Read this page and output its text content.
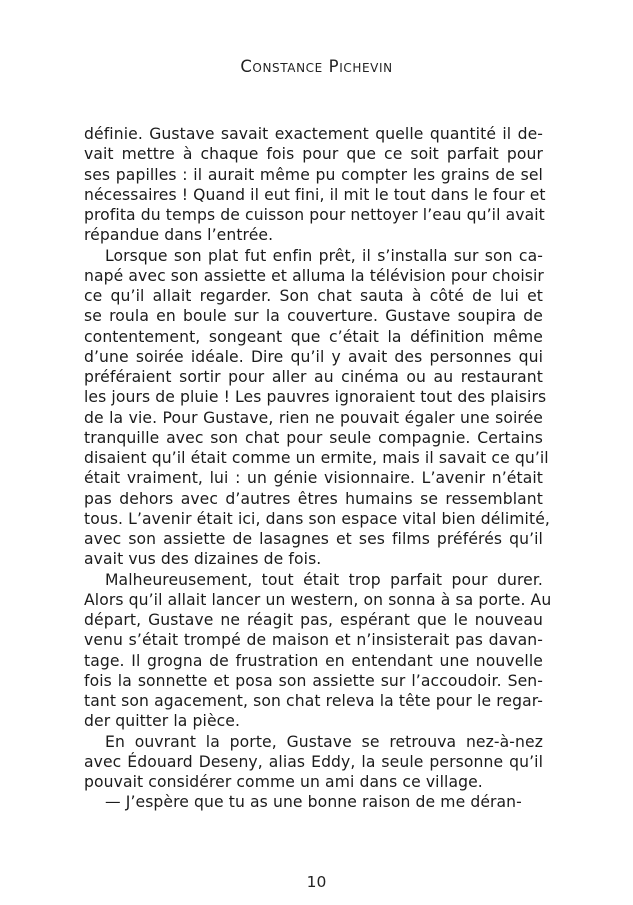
Constance Pichevin

définie. Gustave savait exactement quelle quantité il de-
vait mettre à chaque fois pour que ce soit parfait pour
ses papilles : il aurait même pu compter les grains de sel
nécessaires ! Quand il eut fini, il mit le tout dans le four et
profita du temps de cuisson pour nettoyer l’eau qu’il avait
répandue dans l’entrée.

Lorsque son plat fut enfin prêt, il s’installa sur son ca-
napé avec son assiette et alluma la télévision pour choisir
ce qu’il allait regarder. Son chat sauta à côté de lui et
se roula en boule sur la couverture. Gustave soupira de
contentement, songeant que c’était la définition même
d’une soirée idéale. Dire qu’il y avait des personnes qui
préféraient sortir pour aller au cinéma ou au restaurant
les jours de pluie ! Les pauvres ignoraient tout des plaisirs
de la vie. Pour Gustave, rien ne pouvait égaler une soirée
tranquille avec son chat pour seule compagnie. Certains
disaient qu’il était comme un ermite, mais il savait ce qu’il
était vraiment, lui : un génie visionnaire. L’avenir n’était
pas dehors avec d’autres êtres humains se ressemblant
tous. L’avenir était ici, dans son espace vital bien délimité,
avec son assiette de lasagnes et ses films préférés qu’il
avait vus des dizaines de fois.

Malheureusement, tout était trop parfait pour durer.
Alors qu’il allait lancer un western, on sonna à sa porte. Au
départ, Gustave ne réagit pas, espérant que le nouveau
venu s’était trompé de maison et n’insisterait pas davan-
tage. Il grogna de frustration en entendant une nouvelle
fois la sonnette et posa son assiette sur l’accoudoir. Sen-
tant son agacement, son chat releva la tête pour le regar-
der quitter la pièce.

En ouvrant la porte, Gustave se retrouva nez-à-nez
avec Édouard Deseny, alias Eddy, la seule personne qu’il
pouvait considérer comme un ami dans ce village.

— J’espère que tu as une bonne raison de me déran-

10
